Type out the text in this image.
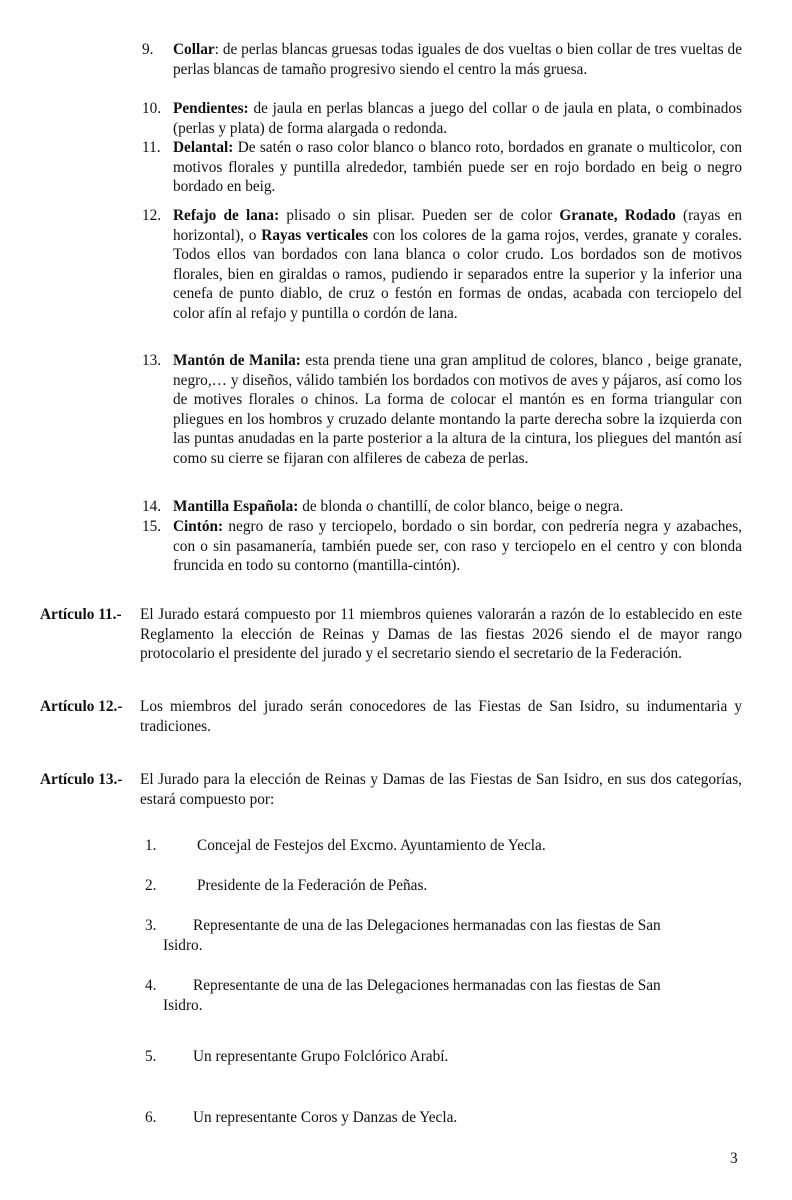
9.	Collar: de perlas blancas gruesas todas iguales de dos vueltas o bien collar de tres vueltas de perlas blancas de tamaño progresivo siendo el centro la más gruesa.
10. Pendientes: de jaula en perlas blancas a juego del collar o de jaula en plata, o combinados (perlas y plata) de forma alargada o redonda.
11. Delantal: De satén o raso color blanco o blanco roto, bordados en granate o multicolor, con motivos florales y puntilla alrededor, también puede ser en rojo bordado en beig o negro bordado en beig.
12. Refajo de lana: plisado o sin plisar. Pueden ser de color Granate, Rodado (rayas en horizontal), o Rayas verticales con los colores de la gama rojos, verdes, granate y corales. Todos ellos van bordados con lana blanca o color crudo. Los bordados son de motivos florales, bien en giraldas o ramos, pudiendo ir separados entre la superior y la inferior una cenefa de punto diablo, de cruz o festón en formas de ondas, acabada con terciopelo del color afín al refajo y puntilla o cordón de lana.
13. Mantón de Manila: esta prenda tiene una gran amplitud de colores, blanco , beige granate, negro,… y diseños, válido también los bordados con motivos de aves y pájaros, así como los de motives florales o chinos. La forma de colocar el mantón es en forma triangular con pliegues en los hombros y cruzado delante montando la parte derecha sobre la izquierda con las puntas anudadas en la parte posterior a la altura de la cintura, los pliegues del mantón así como su cierre se fijaran con alfileres de cabeza de perlas.
14. Mantilla Española: de blonda o chantillí, de color blanco, beige o negra.
15. Cintón: negro de raso y terciopelo, bordado o sin bordar, con pedrería negra y azabaches, con o sin pasamanería, también puede ser, con raso y terciopelo en el centro y con blonda fruncida en todo su contorno (mantilla-cintón).
Artículo 11.-	El Jurado estará compuesto por 11 miembros quienes valorarán a razón de lo establecido en este Reglamento la elección de Reinas y Damas de las fiestas 2026 siendo el de mayor rango protocolario el presidente del jurado y el secretario siendo el secretario de la Federación.
Artículo 12.-	Los miembros del jurado serán conocedores de las Fiestas de San Isidro, su indumentaria y tradiciones.
Artículo 13.-	El Jurado para la elección de Reinas y Damas de las Fiestas de San Isidro, en sus dos categorías, estará compuesto por:
1.	Concejal de Festejos del Excmo. Ayuntamiento de Yecla.
2.	Presidente de la Federación de Peñas.
3. Representante de una de las Delegaciones hermanadas con las fiestas de San
Isidro.
4. Representante de una de las Delegaciones hermanadas con las fiestas de San
Isidro.
5. Un representante Grupo Folclórico Arabí.
6. Un representante Coros y Danzas de Yecla.
3
